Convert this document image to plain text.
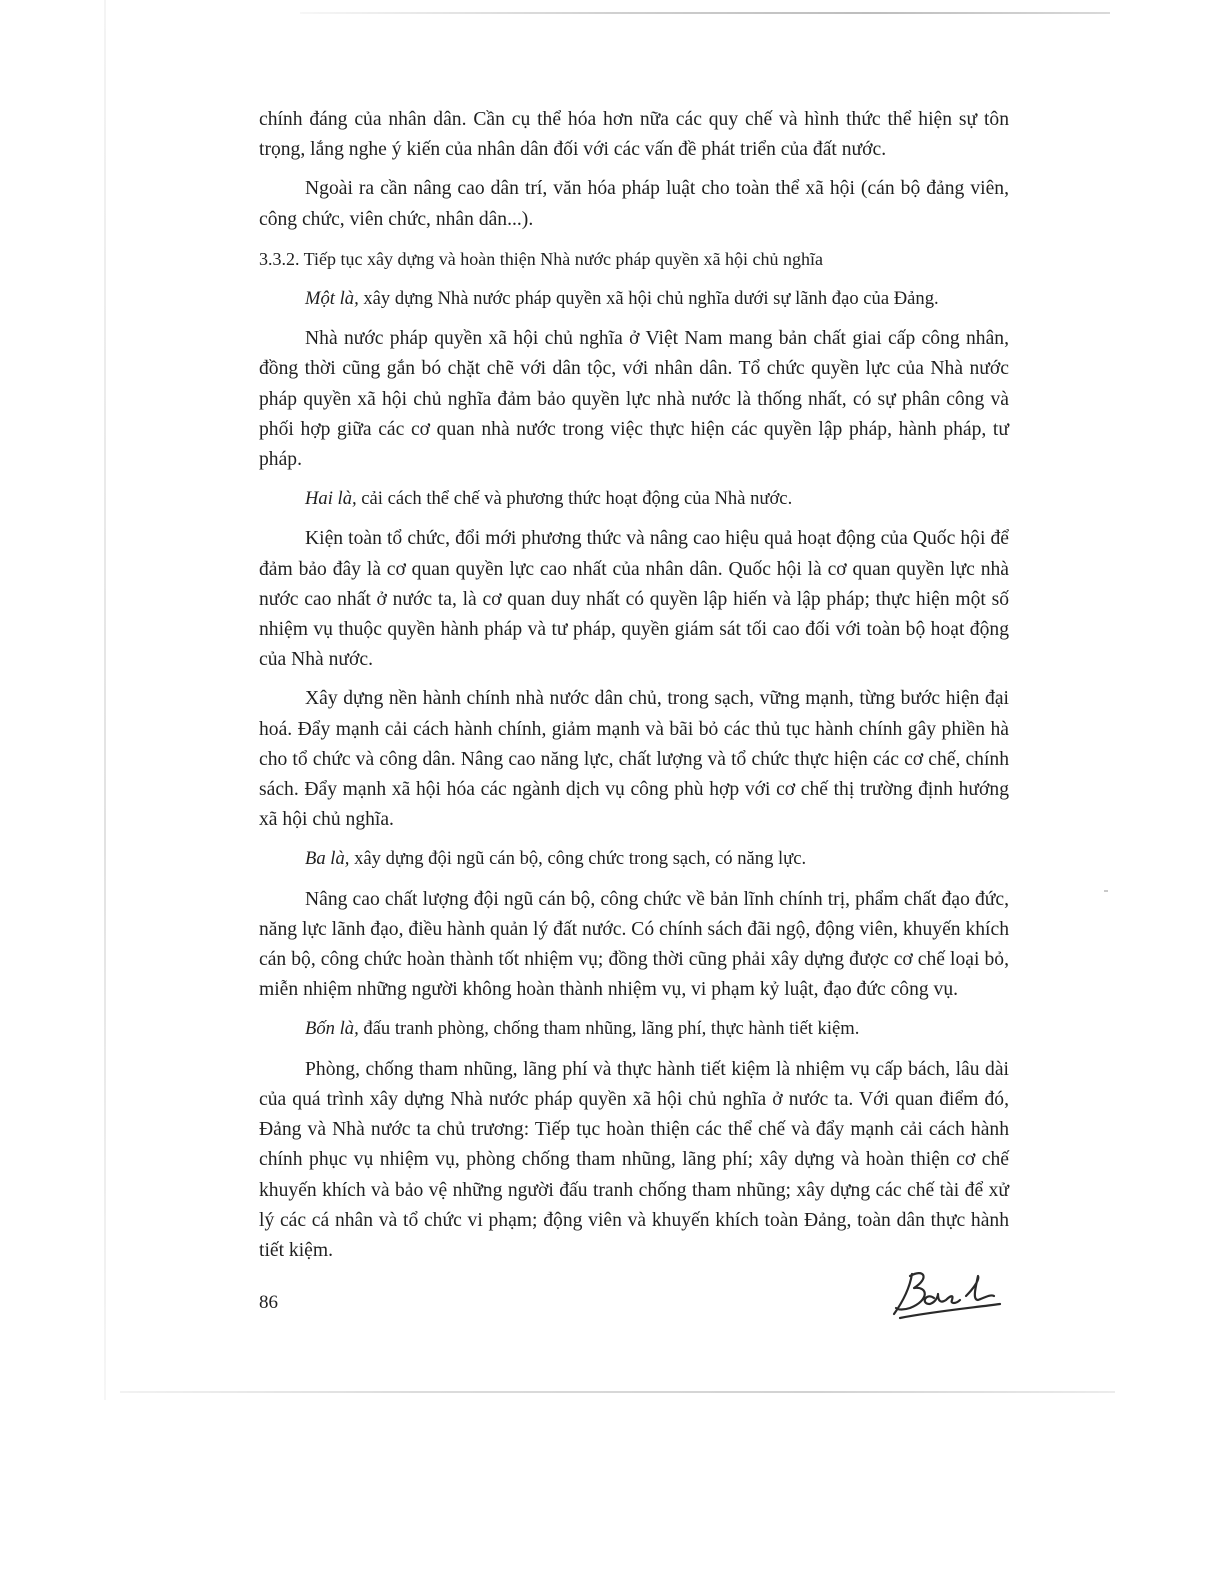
chính đáng của nhân dân. Cần cụ thể hóa hơn nữa các quy chế và hình thức thể hiện sự tôn trọng, lắng nghe ý kiến của nhân dân đối với các vấn đề phát triển của đất nước.

Ngoài ra cần nâng cao dân trí, văn hóa pháp luật cho toàn thể xã hội (cán bộ đảng viên, công chức, viên chức, nhân dân...).

3.3.2. Tiếp tục xây dựng và hoàn thiện Nhà nước pháp quyền xã hội chủ nghĩa

Một là, xây dựng Nhà nước pháp quyền xã hội chủ nghĩa dưới sự lãnh đạo của Đảng.

Nhà nước pháp quyền xã hội chủ nghĩa ở Việt Nam mang bản chất giai cấp công nhân, đồng thời cũng gắn bó chặt chẽ với dân tộc, với nhân dân. Tổ chức quyền lực của Nhà nước pháp quyền xã hội chủ nghĩa đảm bảo quyền lực nhà nước là thống nhất, có sự phân công và phối hợp giữa các cơ quan nhà nước trong việc thực hiện các quyền lập pháp, hành pháp, tư pháp.

Hai là, cải cách thể chế và phương thức hoạt động của Nhà nước.

Kiện toàn tổ chức, đổi mới phương thức và nâng cao hiệu quả hoạt động của Quốc hội để đảm bảo đây là cơ quan quyền lực cao nhất của nhân dân. Quốc hội là cơ quan quyền lực nhà nước cao nhất ở nước ta, là cơ quan duy nhất có quyền lập hiến và lập pháp; thực hiện một số nhiệm vụ thuộc quyền hành pháp và tư pháp, quyền giám sát tối cao đối với toàn bộ hoạt động của Nhà nước.

Xây dựng nền hành chính nhà nước dân chủ, trong sạch, vững mạnh, từng bước hiện đại hoá. Đẩy mạnh cải cách hành chính, giảm mạnh và bãi bỏ các thủ tục hành chính gây phiền hà cho tổ chức và công dân. Nâng cao năng lực, chất lượng và tổ chức thực hiện các cơ chế, chính sách. Đẩy mạnh xã hội hóa các ngành dịch vụ công phù hợp với cơ chế thị trường định hướng xã hội chủ nghĩa.

Ba là, xây dựng đội ngũ cán bộ, công chức trong sạch, có năng lực.

Nâng cao chất lượng đội ngũ cán bộ, công chức về bản lĩnh chính trị, phẩm chất đạo đức, năng lực lãnh đạo, điều hành quản lý đất nước. Có chính sách đãi ngộ, động viên, khuyến khích cán bộ, công chức hoàn thành tốt nhiệm vụ; đồng thời cũng phải xây dựng được cơ chế loại bỏ, miễn nhiệm những người không hoàn thành nhiệm vụ, vi phạm kỷ luật, đạo đức công vụ.

Bốn là, đấu tranh phòng, chống tham nhũng, lãng phí, thực hành tiết kiệm.

Phòng, chống tham nhũng, lãng phí và thực hành tiết kiệm là nhiệm vụ cấp bách, lâu dài của quá trình xây dựng Nhà nước pháp quyền xã hội chủ nghĩa ở nước ta. Với quan điểm đó, Đảng và Nhà nước ta chủ trương: Tiếp tục hoàn thiện các thể chế và đẩy mạnh cải cách hành chính phục vụ nhiệm vụ, phòng chống tham nhũng, lãng phí; xây dựng và hoàn thiện cơ chế khuyến khích và bảo vệ những người đấu tranh chống tham nhũng; xây dựng các chế tài để xử lý các cá nhân và tổ chức vi phạm; động viên và khuyến khích toàn Đảng, toàn dân thực hành tiết kiệm.

86
